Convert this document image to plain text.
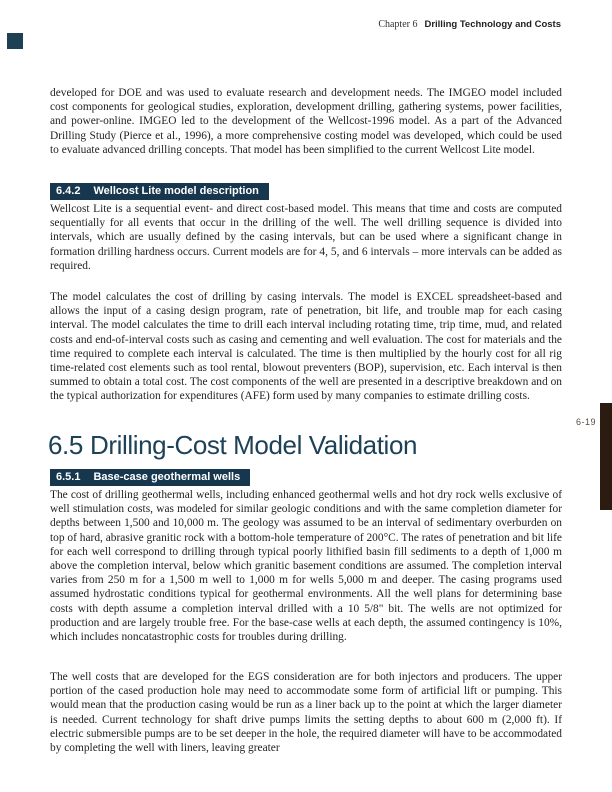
Chapter 6 Drilling Technology and Costs

developed for DOE and was used to evaluate research and development needs. The IMGEO model included cost components for geological studies, exploration, development drilling, gathering systems, power facilities, and power-online. IMGEO led to the development of the Wellcost-1996 model. As a part of the Advanced Drilling Study (Pierce et al., 1996), a more comprehensive costing model was developed, which could be used to evaluate advanced drilling concepts. That model has been simplified to the current Wellcost Lite model.

6.4.2 Wellcost Lite model description

Wellcost Lite is a sequential event- and direct cost-based model. This means that time and costs are computed sequentially for all events that occur in the drilling of the well. The well drilling sequence is divided into intervals, which are usually defined by the casing intervals, but can be used where a significant change in formation drilling hardness occurs. Current models are for 4, 5, and 6 intervals – more intervals can be added as required.

The model calculates the cost of drilling by casing intervals. The model is EXCEL spreadsheet-based and allows the input of a casing design program, rate of penetration, bit life, and trouble map for each casing interval. The model calculates the time to drill each interval including rotating time, trip time, mud, and related costs and end-of-interval costs such as casing and cementing and well evaluation. The cost for materials and the time required to complete each interval is calculated. The time is then multiplied by the hourly cost for all rig time-related cost elements such as tool rental, blowout preventers (BOP), supervision, etc. Each interval is then summed to obtain a total cost. The cost components of the well are presented in a descriptive breakdown and on the typical authorization for expenditures (AFE) form used by many companies to estimate drilling costs.

6-19
6.5 Drilling-Cost Model Validation
6.5.1 Base-case geothermal wells

The cost of drilling geothermal wells, including enhanced geothermal wells and hot dry rock wells exclusive of well stimulation costs, was modeled for similar geologic conditions and with the same completion diameter for depths between 1,500 and 10,000 m. The geology was assumed to be an interval of sedimentary overburden on top of hard, abrasive granitic rock with a bottom-hole temperature of 200°C. The rates of penetration and bit life for each well correspond to drilling through typical poorly lithified basin fill sediments to a depth of 1,000 m above the completion interval, below which granitic basement conditions are assumed. The completion interval varies from 250 m for a 1,500 m well to 1,000 m for wells 5,000 m and deeper. The casing programs used assumed hydrostatic conditions typical for geothermal environments. All the well plans for determining base costs with depth assume a completion interval drilled with a 10 5/8" bit. The wells are not optimized for production and are largely trouble free. For the base-case wells at each depth, the assumed contingency is 10%, which includes noncatastrophic costs for troubles during drilling.

The well costs that are developed for the EGS consideration are for both injectors and producers. The upper portion of the cased production hole may need to accommodate some form of artificial lift or pumping. This would mean that the production casing would be run as a liner back up to the point at which the larger diameter is needed. Current technology for shaft drive pumps limits the setting depths to about 600 m (2,000 ft). If electric submersible pumps are to be set deeper in the hole, the required diameter will have to be accommodated by completing the well with liners, leaving greater
